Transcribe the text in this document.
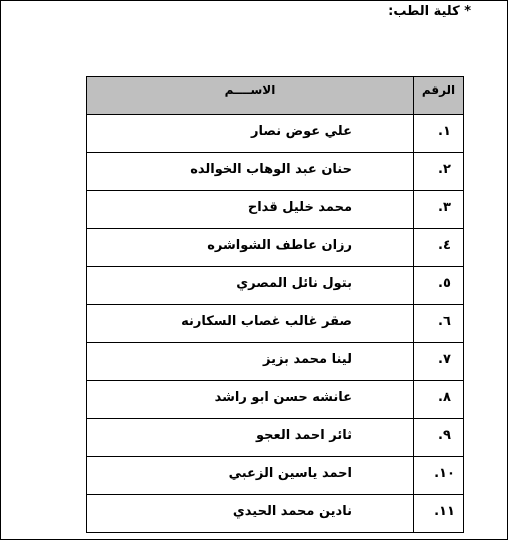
* كلية الطب:
الرقم	الاســــم
١.	علي عوض نصار
٢.	حنان عبد الوهاب الخوالده
٣.	محمد خليل قداح
٤.	رزان عاطف الشواشره
٥.	بتول نائل المصري
٦.	صقر غالب غصاب السكارنه
٧.	لينا محمد بزيز
٨.	عانشه حسن ابو راشد
٩.	ثائر احمد العجو
١٠.	احمد ياسين الزعبي
١١.	نادين محمد الحيدي
